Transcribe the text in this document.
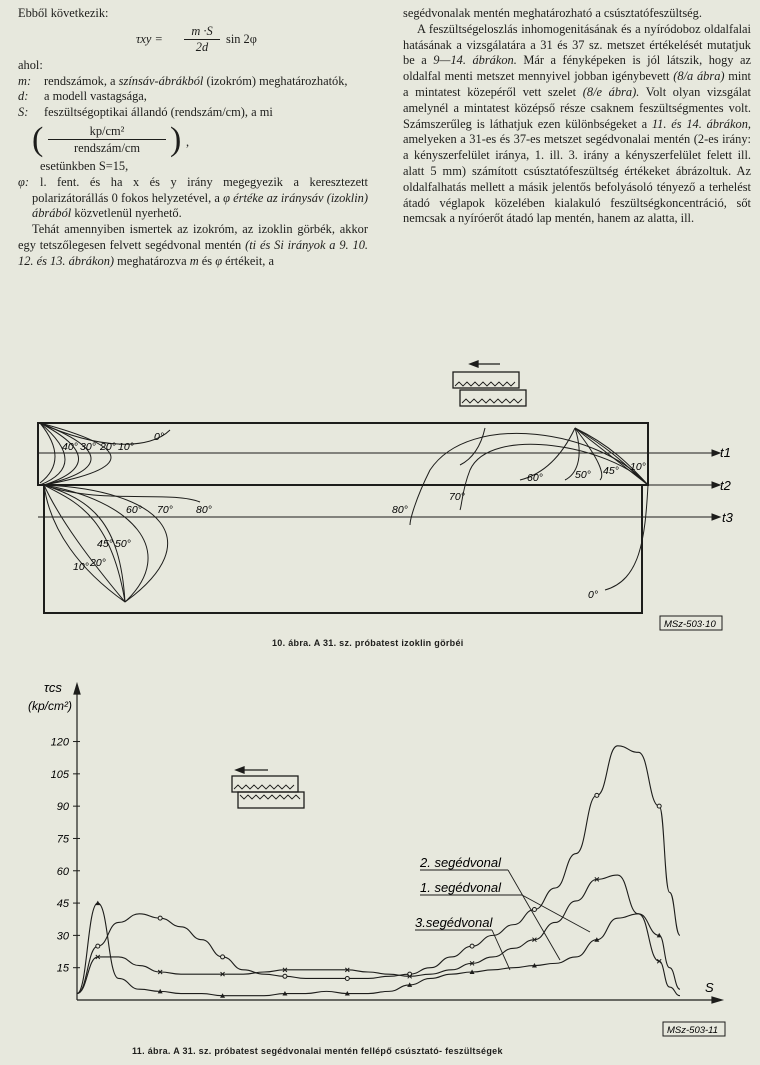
Ebből következik:

$\tau xy = \frac{m \cdot S}{2d}$ sin 2φ

ahol:

m: rendszámok, a színsáv-ábrákból (izokróm) meghatározhatók,
d: a modell vastagsága,
S: feszültségoptikai állandó (rendszám/cm), a mi
(	kp/cm²
rendszám/cm ) ,

esetünkben S=15,

φ: l. fent. és ha x és y irány megegyezik a keresztezett polarizátorállás 0 fokos helyzetével, a φ értéke az iránysáv (izoklin) ábrából közvetlenül nyerhető.

Tehát amennyiben ismertek az izokróm, az izoklin görbék, akkor egy tetszőlegesen felvett segédvonal mentén (ti és Si irányok a 9. 10. 12. és 13. ábrákon) meghatározva m és φ értékeit, a

segédvonalak mentén meghatározható a csúsztatófeszültség.

A feszültségeloszlás inhomogenitásának és a nyíródoboz oldalfalai hatásának a vizsgálatára a 31 és 37 sz. metszet értékelését mutatjuk be a 9—14. ábrákon. Már a fényképeken is jól látszik, hogy az oldalfal menti metszet mennyivel jobban igénybevett (8/a ábra) mint a mintatest közepéről vett szelet (8/e ábra). Volt olyan vizsgálat amelynél a mintatest középső része csaknem feszültségmentes volt. Számszerűleg is láthatjuk ezen különbségeket a 11. és 14. ábrákon, amelyeken a 31-es és 37-es metszet segédvonalai mentén (2-es irány: a kényszerfelület iránya, 1. ill. 3. irány a kényszerfelület felett ill. alatt 5 mm) számított csúsztatófeszültség értékeket ábrázoltuk. Az oldalfalhatás mellett a másik jelentős befolyásoló tényező a terhelést átadó véglapok közelében kialakuló feszültségkoncentráció, sőt nemcsak a nyíróerőt átadó lap mentén, hanem az alatta, ill.

MSz-503·10
t1
t2
t3
40° 30° 20° 10°
0°
60° 70° 80°
45° 50°
10° 20°
60°	50° 45° 10°
80°
70°
0°
10. ábra. A 31. sz. próbatest izoklin görbéi
15
30
45
60
75
90
105
120
2. segédvonal
1. segédvonal
3.segédvonal
τcs
(kp/cm²)
S
MSz-503-11
11. ábra. A 31. sz. próbatest segédvonalai mentén fellépő csúsztató- feszültségek
